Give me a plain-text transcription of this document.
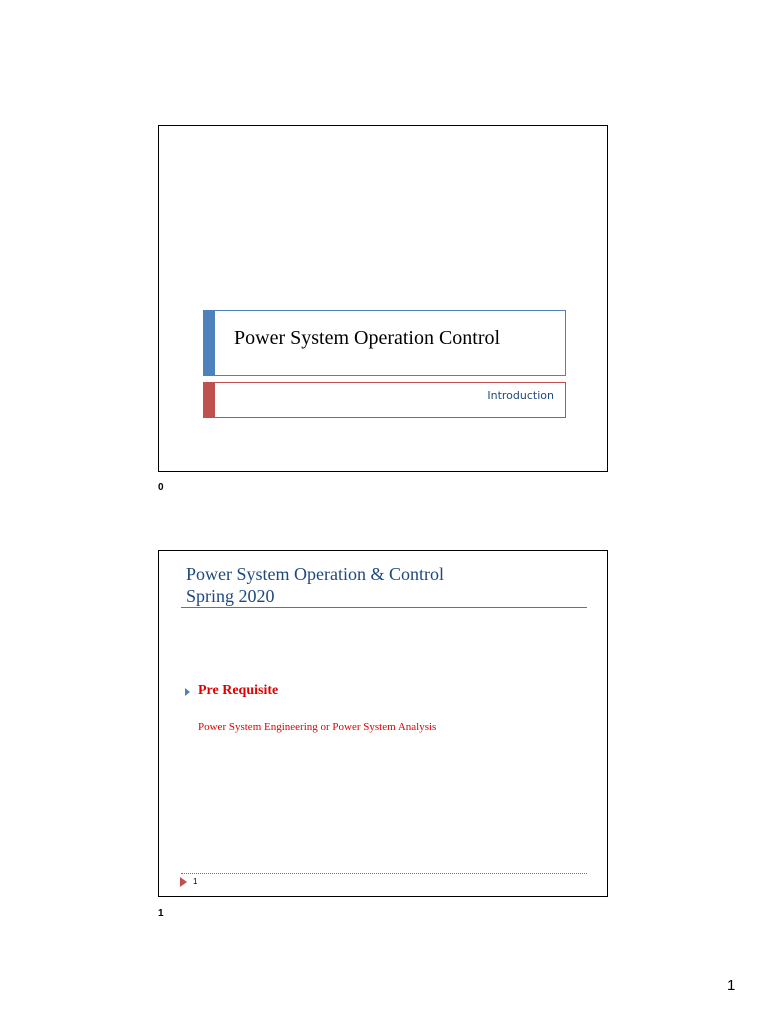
Power System Operation Control
Introduction
0
Power System Operation & Control
Spring 2020
Pre Requisite
Power System Engineering or Power System Analysis
1
1
1
